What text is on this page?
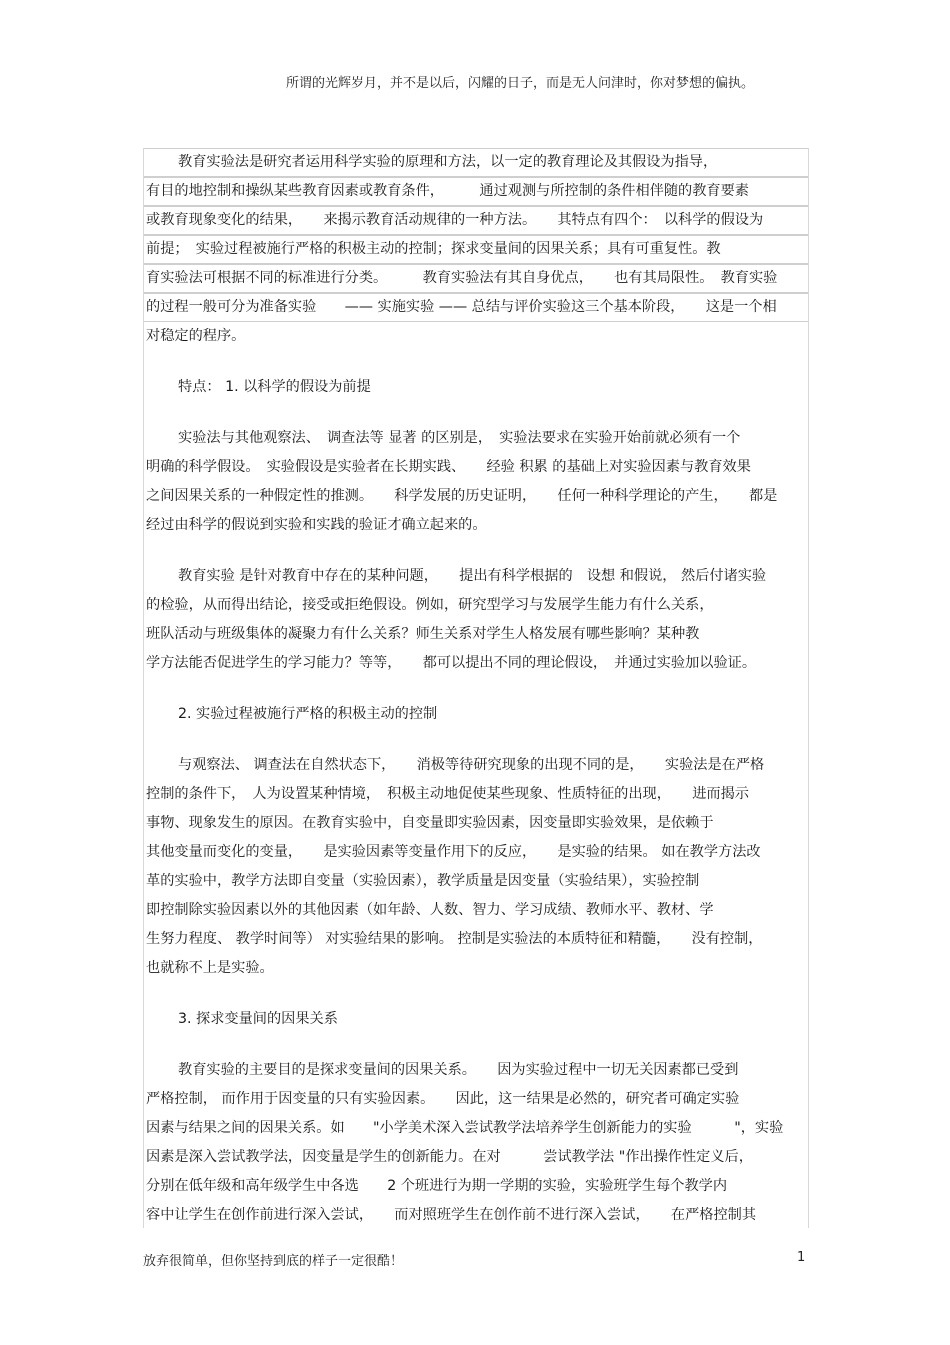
所谓的光辉岁月，并不是以后，闪耀的日子，而是无人问津时，你对梦想的偏执。
教育实验法是研究者运用科学实验的原理和方法，以一定的教育理论及其假设为指导，
有目的地控制和操纵某些教育因素或教育条件，　　　通过观测与所控制的条件相伴随的教育要素
或教育现象变化的结果，　　来揭示教育活动规律的一种方法。　　其特点有四个：　以科学的假设为
前提；　实验过程被施行严格的积极主动的控制；探求变量间的因果关系；具有可重复性。教
育实验法可根据不同的标准进行分类。　　　教育实验法有其自身优点，　　也有其局限性。　教育实验
的过程一般可分为准备实验　　—— 实施实验 —— 总结与评价实验这三个基本阶段，　　这是一个相
对稳定的程序。
特点： 1. 以科学的假设为前提
实验法与其他观察法、　调查法等 显著 的区别是，　实验法要求在实验开始前就必须有一个
明确的科学假设。　实验假设是实验者在长期实践、　　经验 积累 的基础上对实验因素与教育效果
之间因果关系的一种假定性的推测。　　科学发展的历史证明，　　任何一种科学理论的产生，　　都是
经过由科学的假说到实验和实践的验证才确立起来的。
教育实验 是针对教育中存在的某种问题，　　提出有科学根据的　设想 和假说， 然后付诸实验
的检验，从而得出结论，接受或拒绝假设。例如，研究型学习与发展学生能力有什么关系，
班队活动与班级集体的凝聚力有什么关系？师生关系对学生人格发展有哪些影响？某种教
学方法能否促进学生的学习能力？等等，　　都可以提出不同的理论假设，　并通过实验加以验证。
2. 实验过程被施行严格的积极主动的控制
与观察法、 调查法在自然状态下，　　消极等待研究现象的出现不同的是，　　实验法是在严格
控制的条件下，　人为设置某种情境，　积极主动地促使某些现象、性质特征的出现，　　进而揭示
事物、现象发生的原因。在教育实验中，自变量即实验因素，因变量即实验效果，是依赖于
其他变量而变化的变量，　　是实验因素等变量作用下的反应，　　是实验的结果。 如在教学方法改
革的实验中，教学方法即自变量（实验因素），教学质量是因变量（实验结果），实验控制
即控制除实验因素以外的其他因素（如年龄、人数、智力、学习成绩、教师水平、教材、学
生努力程度、 教学时间等） 对实验结果的影响。 控制是实验法的本质特征和精髓，　　没有控制，
也就称不上是实验。
3. 探求变量间的因果关系
教育实验的主要目的是探求变量间的因果关系。　　因为实验过程中一切无关因素都已受到
严格控制， 而作用于因变量的只有实验因素。　　因此，这一结果是必然的，研究者可确定实验
因素与结果之间的因果关系。如　　"小学美术深入尝试教学法培养学生创新能力的实验　　　"，实验
因素是深入尝试教学法，因变量是学生的创新能力。在对　　　尝试教学法 "作出操作性定义后，
分别在低年级和高年级学生中各选　　2 个班进行为期一学期的实验，实验班学生每个教学内
容中让学生在创作前进行深入尝试，　　而对照班学生在创作前不进行深入尝试，　　在严格控制其
放弃很简单，但你坚持到底的样子一定很酷！	1
